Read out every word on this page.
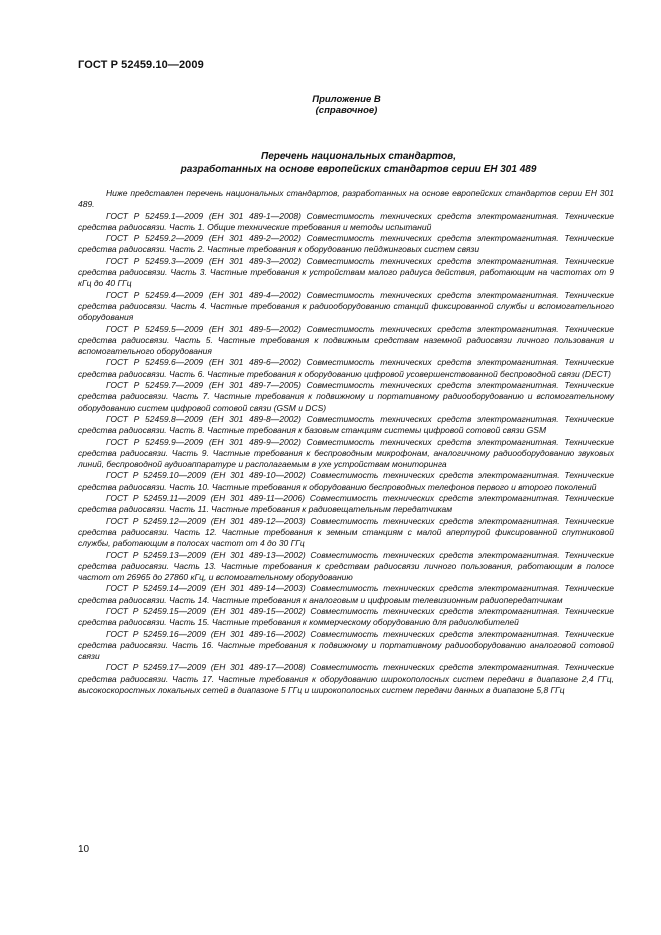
ГОСТ Р 52459.10—2009
Приложение В
(справочное)
Перечень национальных стандартов,
разработанных на основе европейских стандартов серии ЕН 301 489

Ниже представлен перечень национальных стандартов, разработанных на основе европейских стандартов серии ЕН 301 489.

ГОСТ Р 52459.1—2009 (ЕН 301 489-1—2008) Совместимость технических средств электромагнитная. Технические средства радиосвязи. Часть 1. Общие технические требования и методы испытаний

ГОСТ Р 52459.2—2009 (ЕН 301 489-2—2002) Совместимость технических средств электромагнитная. Технические средства радиосвязи. Часть 2. Частные требования к оборудованию пейджинговых систем связи

ГОСТ Р 52459.3—2009 (ЕН 301 489-3—2002) Совместимость технических средств электромагнитная. Технические средства радиосвязи. Часть 3. Частные требования к устройствам малого радиуса действия, работающим на частотах от 9 кГц до 40 ГГц

ГОСТ Р 52459.4—2009 (ЕН 301 489-4—2002) Совместимость технических средств электромагнитная. Технические средства радиосвязи. Часть 4. Частные требования к радиооборудованию станций фиксированной службы и вспомогательного оборудования

ГОСТ Р 52459.5—2009 (ЕН 301 489-5—2002) Совместимость технических средств электромагнитная. Технические средства радиосвязи. Часть 5. Частные требования к подвижным средствам наземной радиосвязи личного пользования и вспомогательного оборудования

ГОСТ Р 52459.6—2009 (ЕН 301 489-6—2002) Совместимость технических средств электромагнитная. Технические средства радиосвязи. Часть 6. Частные требования к оборудованию цифровой усовершенствованной беспроводной связи (DECT)

ГОСТ Р 52459.7—2009 (ЕН 301 489-7—2005) Совместимость технических средств электромагнитная. Технические средства радиосвязи. Часть 7. Частные требования к подвижному и портативному радиооборудованию и вспомогательному оборудованию систем цифровой сотовой связи (GSM и DCS)

ГОСТ Р 52459.8—2009 (ЕН 301 489-8—2002) Совместимость технических средств электромагнитная. Технические средства радиосвязи. Часть 8. Частные требования к базовым станциям системы цифровой сотовой связи GSM

ГОСТ Р 52459.9—2009 (ЕН 301 489-9—2002) Совместимость технических средств электромагнитная. Технические средства радиосвязи. Часть 9. Частные требования к беспроводным микрофонам, аналогичному радиооборудованию звуковых линий, беспроводной аудиоаппаратуре и располагаемым в ухе устройствам мониторинга

ГОСТ Р 52459.10—2009 (ЕН 301 489-10—2002) Совместимость технических средств электромагнитная. Технические средства радиосвязи. Часть 10. Частные требования к оборудованию беспроводных телефонов первого и второго поколений

ГОСТ Р 52459.11—2009 (ЕН 301 489-11—2006) Совместимость технических средств электромагнитная. Технические средства радиосвязи. Часть 11. Частные требования к радиовещательным передатчикам

ГОСТ Р 52459.12—2009 (ЕН 301 489-12—2003) Совместимость технических средств электромагнитная. Технические средства радиосвязи. Часть 12. Частные требования к земным станциям с малой апертурой фиксированной спутниковой службы, работающим в полосах частот от 4 до 30 ГГц

ГОСТ Р 52459.13—2009 (ЕН 301 489-13—2002) Совместимость технических средств электромагнитная. Технические средства радиосвязи. Часть 13. Частные требования к средствам радиосвязи личного пользования, работающим в полосе частот от 26965 до 27860 кГц, и вспомогательному оборудованию

ГОСТ Р 52459.14—2009 (ЕН 301 489-14—2003) Совместимость технических средств электромагнитная. Технические средства радиосвязи. Часть 14. Частные требования к аналоговым и цифровым телевизионным радиопередатчикам

ГОСТ Р 52459.15—2009 (ЕН 301 489-15—2002) Совместимость технических средств электромагнитная. Технические средства радиосвязи. Часть 15. Частные требования к коммерческому оборудованию для радиолюбителей

ГОСТ Р 52459.16—2009 (ЕН 301 489-16—2002) Совместимость технических средств электромагнитная. Технические средства радиосвязи. Часть 16. Частные требования к подвижному и портативному радиооборудованию аналоговой сотовой связи

ГОСТ Р 52459.17—2009 (ЕН 301 489-17—2008) Совместимость технических средств электромагнитная. Технические средства радиосвязи. Часть 17. Частные требования к оборудованию широкополосных систем передачи в диапазоне 2,4 ГГц, высокоскоростных локальных сетей в диапазоне 5 ГГц и широкополосных систем передачи данных в диапазоне 5,8 ГГц

10
